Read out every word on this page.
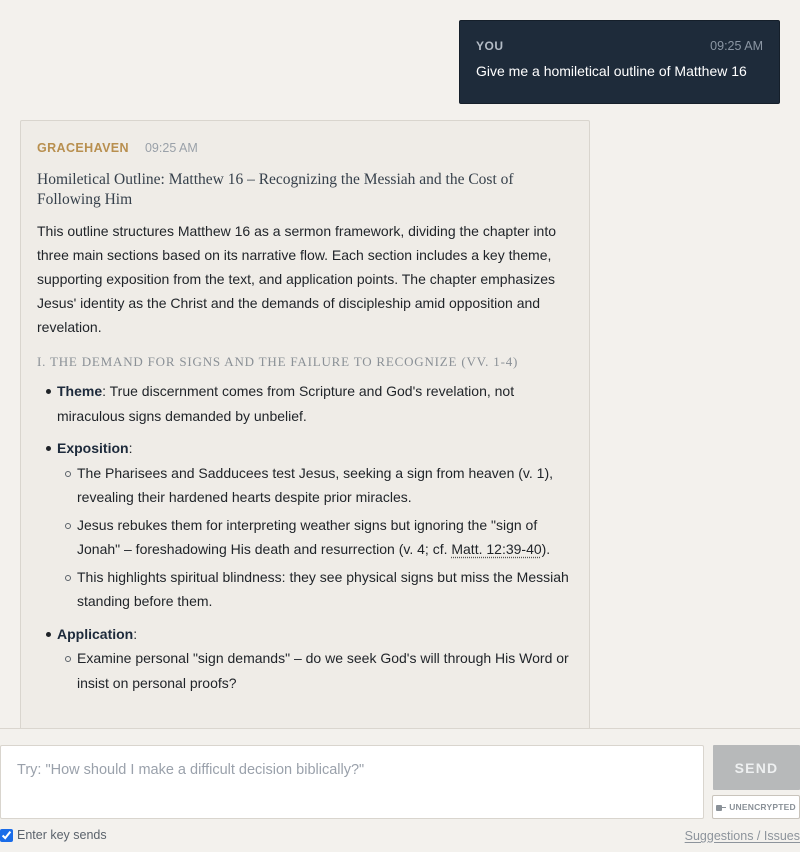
YOU	09:25 AM
Give me a homiletical outline of Matthew 16
GRACEHAVEN 09:25 AM
Homiletical Outline: Matthew 16 – Recognizing the Messiah and the Cost of Following Him

This outline structures Matthew 16 as a sermon framework, dividing the chapter into three main sections based on its narrative flow. Each section includes a key theme, supporting exposition from the text, and application points. The chapter emphasizes Jesus' identity as the Christ and the demands of discipleship amid opposition and revelation.

I. THE DEMAND FOR SIGNS AND THE FAILURE TO RECOGNIZE (VV. 1-4)
Theme: True discernment comes from Scripture and God's revelation, not miraculous signs demanded by unbelief.
Exposition:
The Pharisees and Sadducees test Jesus, seeking a sign from heaven (v. 1), revealing their hardened hearts despite prior miracles.
Jesus rebukes them for interpreting weather signs but ignoring the "sign of Jonah" – foreshadowing His death and resurrection (v. 4; cf. Matt. 12:39-40).
This highlights spiritual blindness: they see physical signs but miss the Messiah standing before them.
Application:
Examine personal "sign demands" – do we seek God's will through His Word or insist on personal proofs?
Try: "How should I make a difficult decision biblically?"
SEND
UNENCRYPTED
Enter key sends	Suggestions / Issues
